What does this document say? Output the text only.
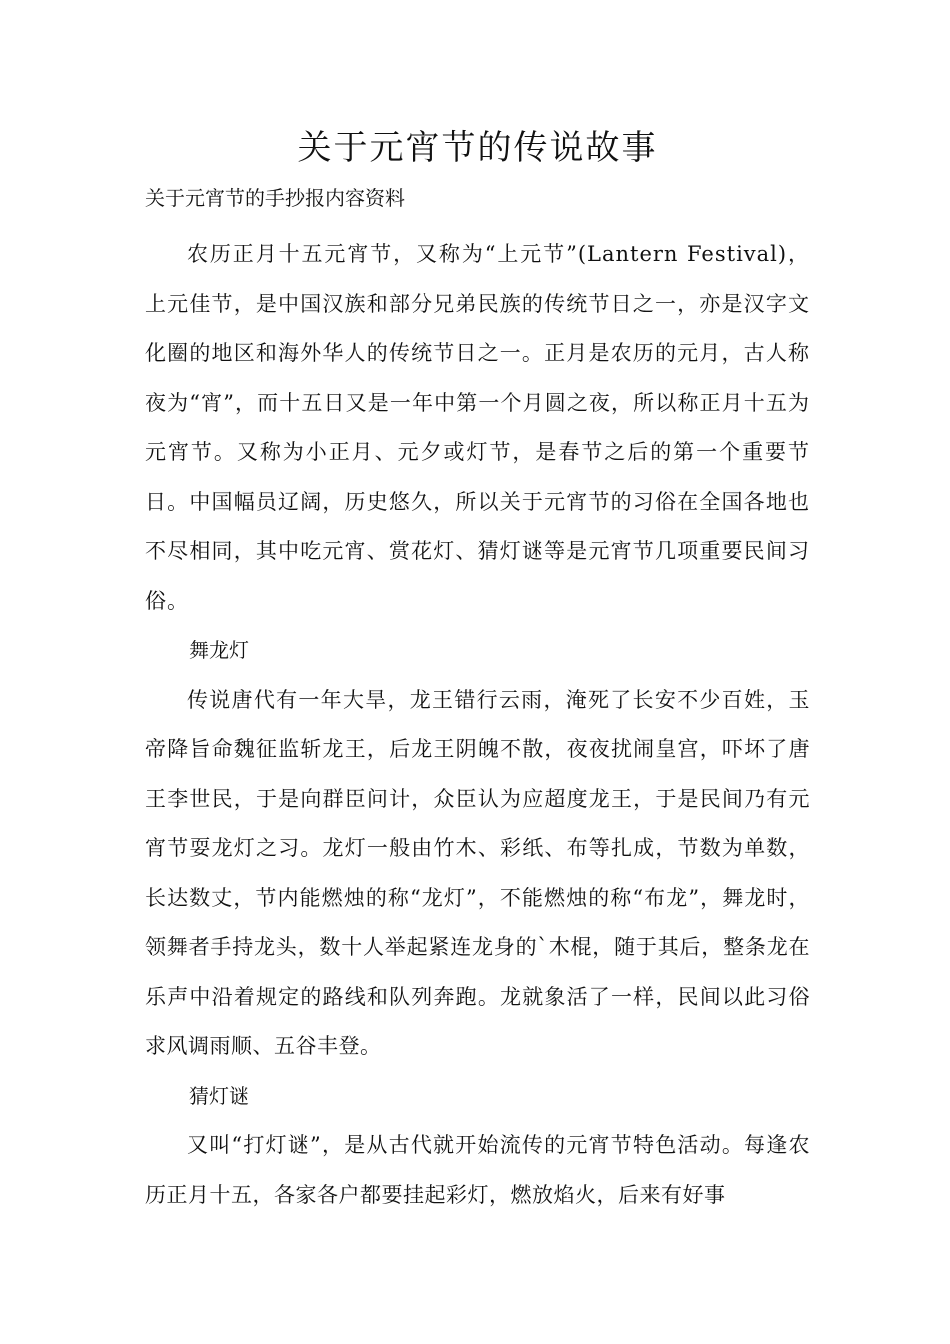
关于元宵节的传说故事

关于元宵节的手抄报内容资料

农历正月十五元宵节，又称为“上元节”(Lantern Festival)，上元佳节，是中国汉族和部分兄弟民族的传统节日之一，亦是汉字文化圈的地区和海外华人的传统节日之一。正月是农历的元月，古人称夜为“宵”，而十五日又是一年中第一个月圆之夜，所以称正月十五为元宵节。又称为小正月、元夕或灯节，是春节之后的第一个重要节日。中国幅员辽阔，历史悠久，所以关于元宵节的习俗在全国各地也不尽相同，其中吃元宵、赏花灯、猜灯谜等是元宵节几项重要民间习俗。

舞龙灯

传说唐代有一年大旱，龙王错行云雨，淹死了长安不少百姓，玉帝降旨命魏征监斩龙王，后龙王阴魄不散，夜夜扰闹皇宫，吓坏了唐王李世民，于是向群臣问计，众臣认为应超度龙王，于是民间乃有元宵节耍龙灯之习。龙灯一般由竹木、彩纸、布等扎成，节数为单数，长达数丈，节内能燃烛的称“龙灯”，不能燃烛的称“布龙”，舞龙时，领舞者手持龙头，数十人举起紧连龙身的`木棍，随于其后，整条龙在乐声中沿着规定的路线和队列奔跑。龙就象活了一样，民间以此习俗求风调雨顺、五谷丰登。

猜灯谜

又叫“打灯谜”，是从古代就开始流传的元宵节特色活动。每逢农历正月十五，各家各户都要挂起彩灯，燃放焰火，后来有好事
